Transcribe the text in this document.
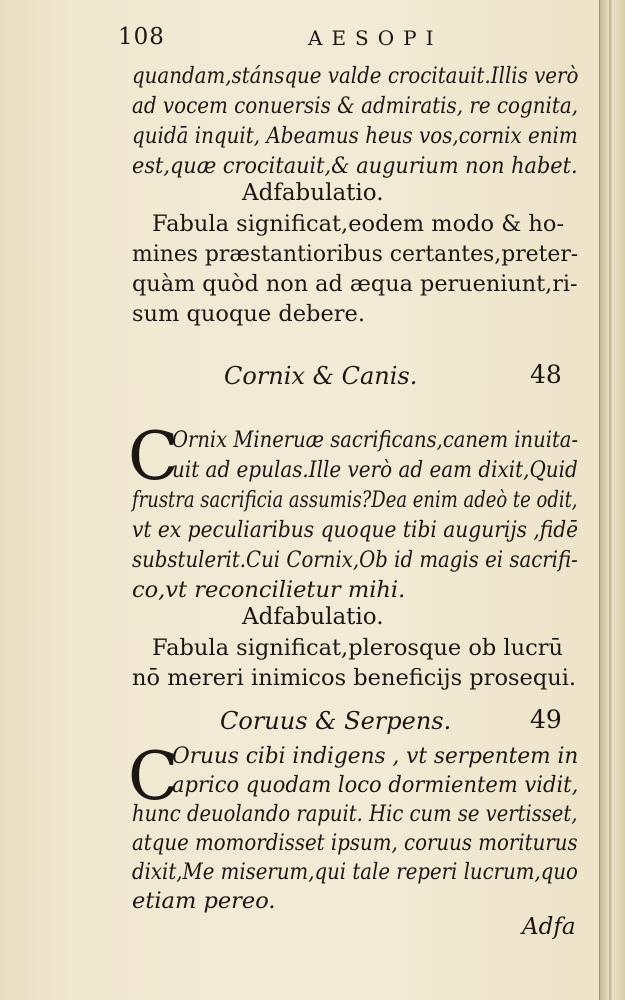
108	AESOPI
quandam,stánsque valde crocitauit.Illis verò
ad vocem conuersis & admiratis, re cognita,
quidā inquit, Abeamus heus vos,cornix enim
est,quæ crocitauit,& augurium non habet.
Adfabulatio.
Fabula significat,eodem modo & ho-
mines præstantioribus certantes,preter-
quàm quòd non ad æqua perueniunt,ri-
sum quoque debere.
Cornix & Canis.	48
C
Ornix Mineruæ sacrificans,canem inuita-
uit ad epulas.Ille verò ad eam dixit,Quid
frustra sacrificia assumis?Dea enim adeò te odit,
vt ex peculiaribus quoque tibi augurijs ,fidē
substulerit.Cui Cornix,Ob id magis ei sacrifi-
co,vt reconcilietur mihi.
Adfabulatio.
Fabula significat,plerosque ob lucrū
nō mereri inimicos beneficijs prosequi.
Coruus & Serpens.	49
C
Oruus cibi indigens , vt serpentem in
aprico quodam loco dormientem vidit,
hunc deuolando rapuit. Hic cum se vertisset,
atque momordisset ipsum, coruus moriturus
dixit,Me miserum,qui tale reperi lucrum,quo
etiam pereo.
Adfa
